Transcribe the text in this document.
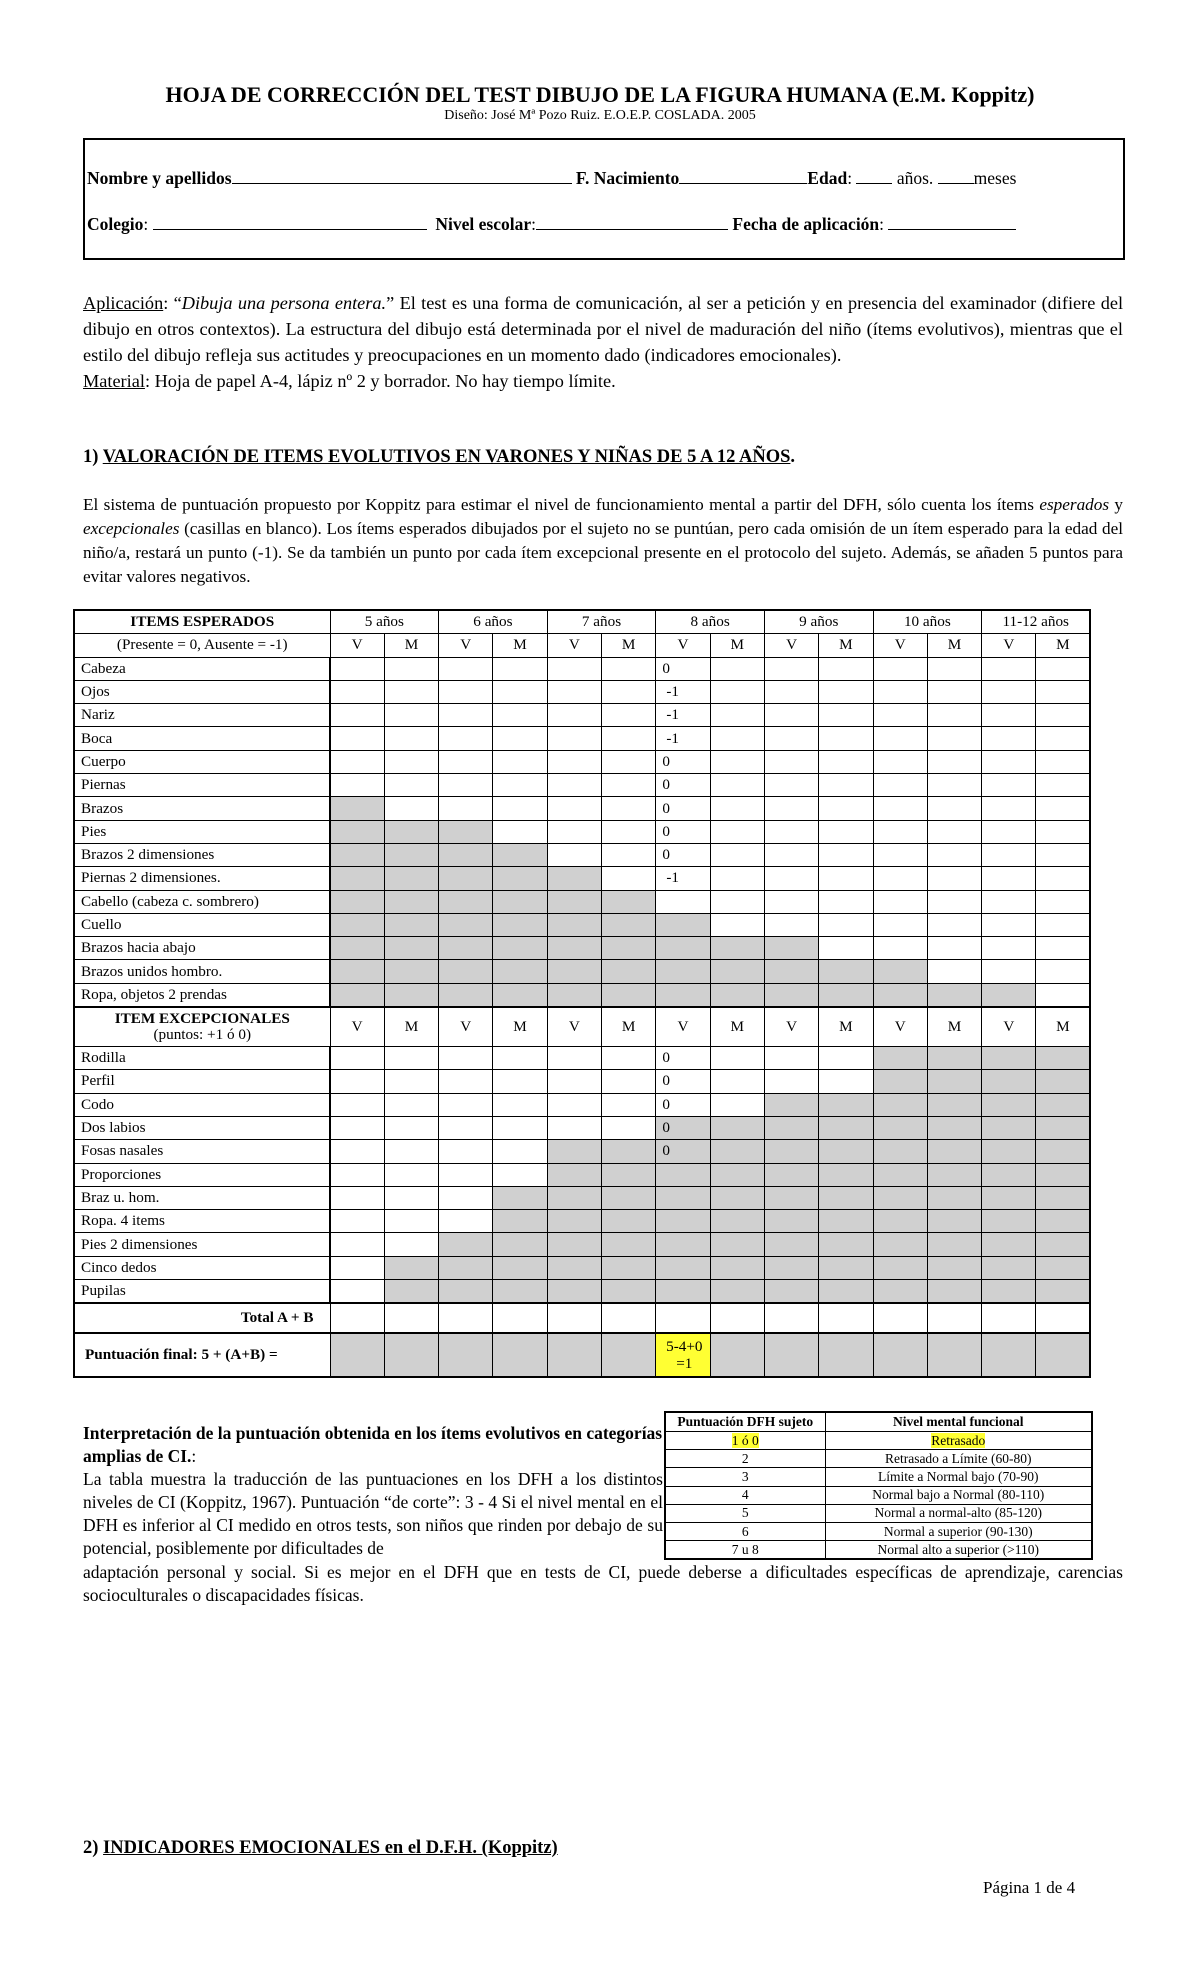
HOJA DE CORRECCIÓN DEL TEST DIBUJO DE LA FIGURA HUMANA (E.M. Koppitz)
Diseño: José Mª Pozo Ruiz. E.O.E.P. COSLADA. 2005
Nombre y apellidos	F. Nacimiento	Edad:  años. meses
Colegio:	Nivel escolar:	Fecha de aplicación:
Aplicación: “Dibuja una persona entera.” El test es una forma de comunicación, al ser a petición y en presencia del examinador (difiere del dibujo en otros contextos). La estructura del dibujo está determinada por el nivel de maduración del niño (ítems evolutivos), mientras que el estilo del dibujo refleja sus actitudes y preocupaciones en un momento dado (indicadores emocionales).
Material: Hoja de papel A-4, lápiz nº 2 y borrador. No hay tiempo límite.
1) VALORACIÓN DE ITEMS EVOLUTIVOS EN VARONES Y NIÑAS DE 5 A 12 AÑOS.
El sistema de puntuación propuesto por Koppitz para estimar el nivel de funcionamiento mental a partir del DFH, sólo cuenta los ítems esperados y excepcionales (casillas en blanco). Los ítems esperados dibujados por el sujeto no se puntúan, pero cada omisión de un ítem esperado para la edad del niño/a, restará un punto (-1). Se da también un punto por cada ítem excepcional presente en el protocolo del sujeto. Además, se añaden 5 puntos para evitar valores negativos.
ITEMS ESPERADOS	5 años		6 años		7 años		8 años		9 años		10 años		11-12 años	
(Presente = 0, Ausente = -1)	V	M	V	M	V	M	V	M	V	M	V	M	V	M
Cabeza							0							
Ojos							-1							
Nariz							-1							
Boca							-1							
Cuerpo							0							
Piernas							0							
Brazos							0							
Pies							0							
Brazos 2 dimensiones							0							
Piernas 2 dimensiones.							-1							
Cabello (cabeza c. sombrero)														
Cuello														
Brazos hacia abajo														
Brazos unidos hombro.														
Ropa, objetos 2 prendas														

ITEM EXCEPCIONALES
(puntos: +1 ó 0)	V	M	V	M	V	M	V	M	V	M	V	M	V	M
Rodilla							0							
Perfil							0							
Codo							0							
Dos labios							0							
Fosas nasales							0							
Proporciones														
Braz u. hom.														
Ropa. 4 items														
Pies 2 dimensiones														
Cinco dedos														
Pupilas														
Total A + B														
Puntuación final: 5 + (A+B) =							5-4+0=1							

Interpretación de la puntuación obtenida en los ítems evolutivos en categorías amplias de CI.:
La tabla muestra la traducción de las puntuaciones en los DFH a los distintos niveles de CI (Koppitz, 1967). Puntuación “de corte”: 3 - 4 Si el nivel mental en el DFH es inferior al CI medido en otros tests, son niños que rinden por debajo de su potencial, posiblemente por dificultades de
adaptación personal y social. Si es mejor en el DFH que en tests de CI, puede deberse a dificultades específicas de aprendizaje, carencias socioculturales o discapacidades físicas.
Puntuación DFH sujeto	Nivel mental funcional
1 ó 0	Retrasado
2	Retrasado a Límite (60-80)
3	Límite a Normal bajo (70-90)
4	Normal bajo a Normal (80-110)
5	Normal a normal-alto (85-120)
6	Normal a superior (90-130)
7 u 8	Normal alto a superior (>110)
2) INDICADORES EMOCIONALES en el D.F.H. (Koppitz)
Página 1 de 4
